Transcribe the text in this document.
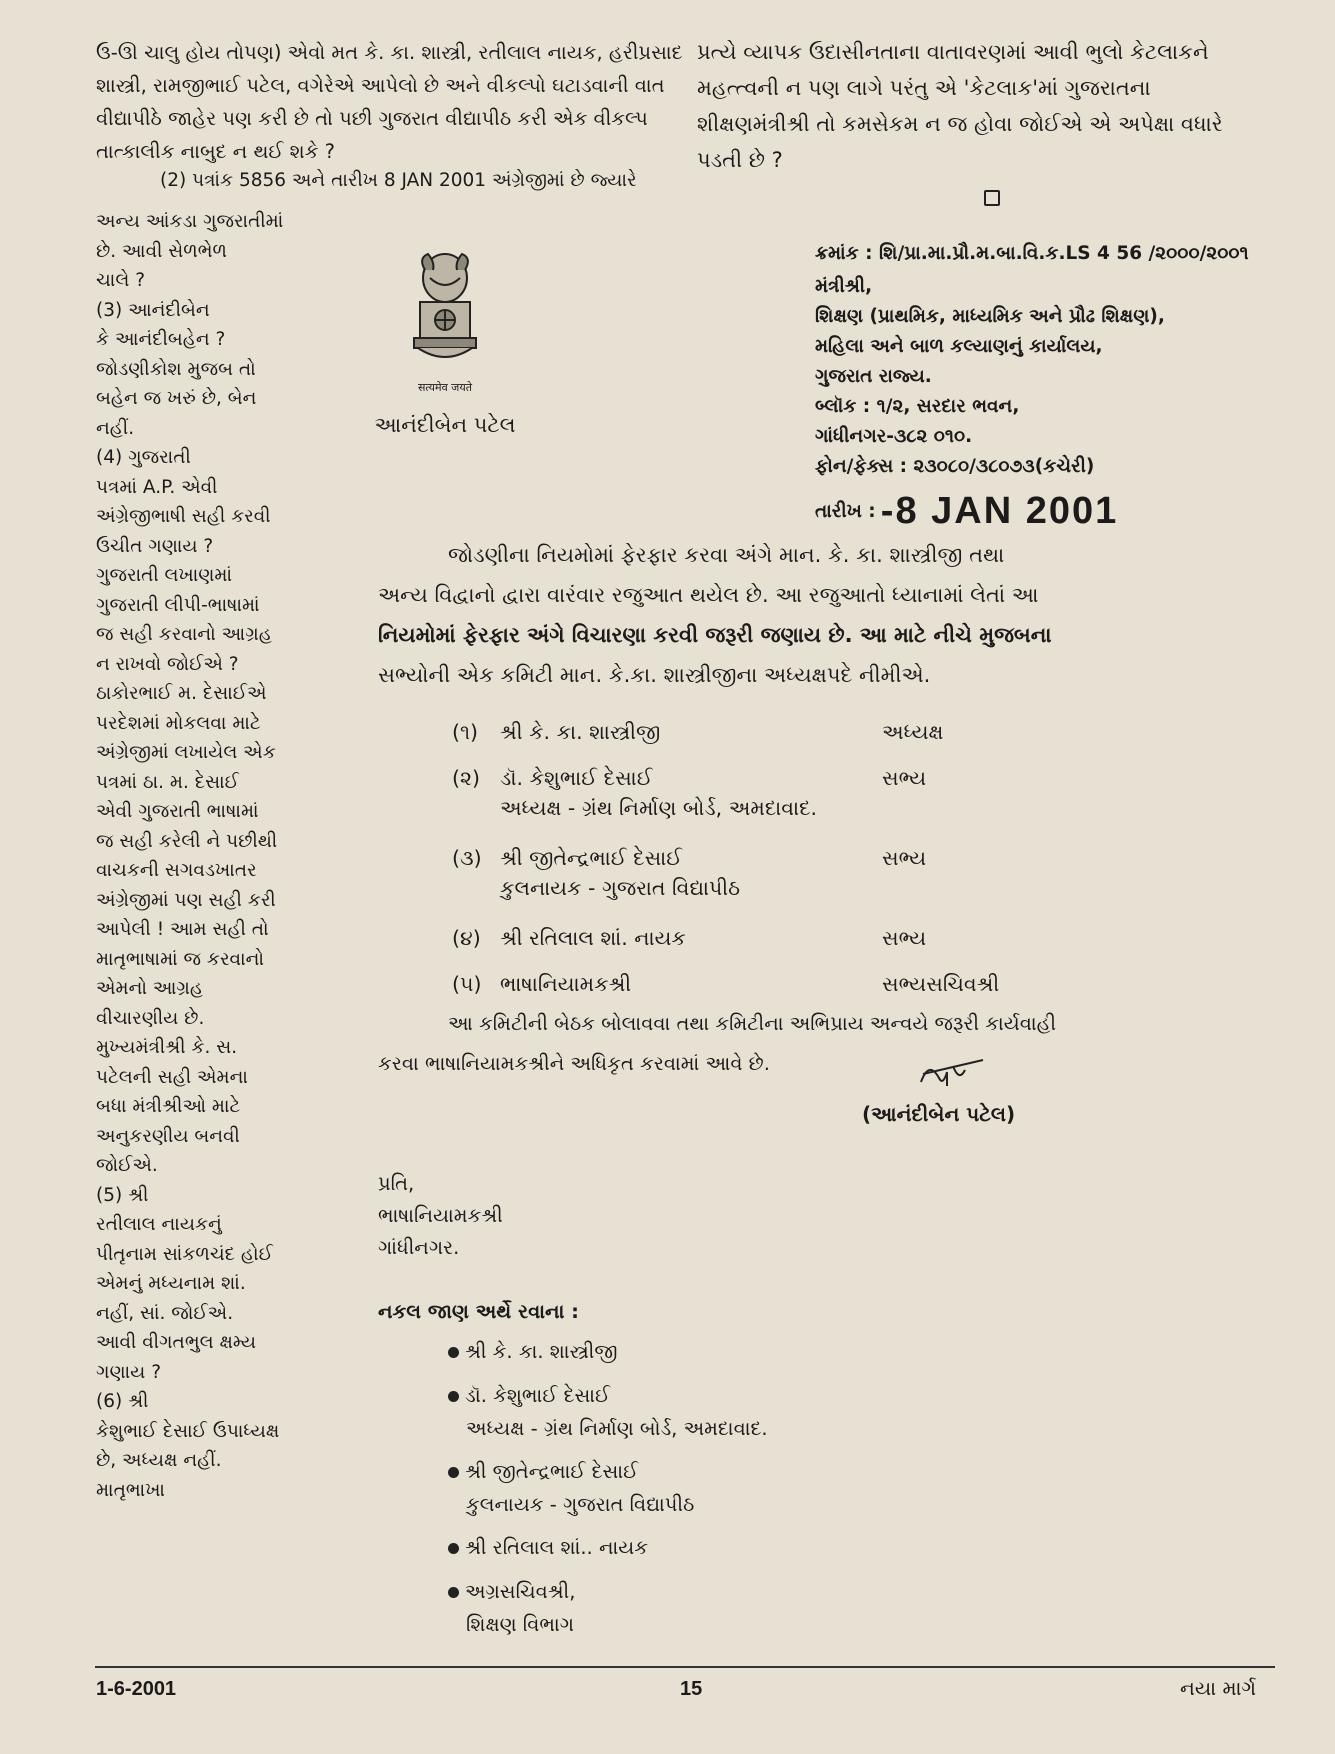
ઉ-ઊ ચાલુ હોય તોપણ) એવો મત કે. કા. શાસ્ત્રી, રતીલાલ નાયક, હરીપ્રસાદ

શાસ્ત્રી, રામજીભાઈ પટેલ, વગેરેએ આપેલો છે અને વીકલ્પો ઘટાડવાની વાત

વીદ્યાપીઠે જાહેર પણ કરી છે તો પછી ગુજરાત વીદ્યાપીઠ કરી એક વીકલ્પ

તાત્કાલીક નાબુદ ન થઈ શકે ?

(2) પત્રાંક 5856 અને તારીખ 8 JAN 2001 અંગ્રેજીમાં છે જ્યારે

પ્રત્યે વ્યાપક ઉદાસીનતાના વાતાવરણમાં આવી ભુલો કેટલાકને

મહત્ત્વની ન પણ લાગે પરંતુ એ 'કેટલાક'માં ગુજરાતના

શીક્ષણમંત્રીશ્રી તો કમસેકમ ન જ હોવા જોઈએ એ અપેક્ષા વધારે

પડતી છે ?

અન્ય આંકડા ગુજરાતીમાં

છે. આવી સેળભેળ

ચાલે ?

(3) આનંદીબેન

કે આનંદીબહેન ?

જોડણીકોશ મુજબ તો

બહેન જ ખરું છે, બેન

નહીં.

(4) ગુજરાતી

પત્રમાં A.P. એવી

અંગ્રેજીભાષી સહી કરવી

ઉચીત ગણાય ?

ગુજરાતી લખાણમાં

ગુજરાતી લીપી-ભાષામાં

જ સહી કરવાનો આગ્રહ

ન રાખવો જોઈએ ?

ઠાકોરભાઈ મ. દેસાઈએ

પરદેશમાં મોકલવા માટે

અંગ્રેજીમાં લખાયેલ એક

પત્રમાં ઠા. મ. દેસાઈ

એવી ગુજરાતી ભાષામાં

જ સહી કરેલી ને પછીથી

વાચકની સગવડખાતર

અંગ્રેજીમાં પણ સહી કરી

આપેલી ! આમ સહી તો

માતૃભાષામાં જ કરવાનો

એમનો આગ્રહ

વીચારણીય છે.

મુખ્યમંત્રીશ્રી કે. સ.

પટેલની સહી એમના

બધા મંત્રીશ્રીઓ માટે

અનુકરણીય બનવી

જોઈએ.

(5) શ્રી

રતીલાલ નાયકનું

પીતૃનામ સાંકળચંદ હોઈ

એમનું મધ્યનામ શાં.

નહીં, સાં. જોઈએ.

આવી વીગતભુલ ક્ષમ્ય

ગણાય ?

(6) શ્રી

કેશુભાઈ દેસાઈ ઉપાધ્યક્ષ

છે, અધ્યક્ષ નહીં.

માતૃભાખા

सत्यमेव जयते
આનંદીબેન પટેલ
ક્રમાંક : શિ/પ્રા.મા.પ્રૌ.મ.બા.વિ.ક.LS 4 56 /૨૦૦૦/૨૦૦૧

મંત્રીશ્રી,

શિક્ષણ (પ્રાથમિક, માધ્યમિક અને પ્રૌઢ શિક્ષણ),

મહિલા અને બાળ કલ્યાણનું કાર્યાલય,

ગુજરાત રાજ્ય.

બ્લૉક : ૧/૨, સરદાર ભવન,

ગાંધીનગર-૩૮૨ ૦૧૦.

ફોન/ફેક્સ : ૨૩૦૮૦/૩૮૦૭૩(કચેરી)

તારીખ : -8 JAN 2001

જોડણીના નિયમોમાં ફેરફાર કરવા અંગે માન. કે. કા. શાસ્ત્રીજી તથા

અન્ય વિદ્વાનો દ્વારા વારંવાર રજુઆત થયેલ છે. આ રજુઆતો ધ્યાનામાં લેતાં આ

નિયમોમાં ફેરફાર અંગે વિચારણા કરવી જરૂરી જણાય છે. આ માટે નીચે મુજબના

સભ્યોની એક કમિટી માન. કે.કા. શાસ્ત્રીજીના અધ્યક્ષપદે નીમીએ.

(૧) શ્રી કે. કા. શાસ્ત્રીજી	અધ્યક્ષ
(૨) ડૉ. કેશુભાઈ દેસાઈ	સભ્ય
અધ્યક્ષ - ગ્રંથ નિર્માણ બોર્ડ, અમદાવાદ.
(૩) શ્રી જીતેન્દ્રભાઈ દેસાઈ	સભ્ય
કુલનાયક - ગુજરાત વિદ્યાપીઠ
(૪) શ્રી રતિલાલ શાં. નાયક	સભ્ય
(૫) ભાષાનિયામકશ્રી	સભ્યસચિવશ્રી

આ કમિટીની બેઠક બોલાવવા તથા કમિટીના અભિપ્રાય અન્વયે જરૂરી કાર્યવાહી

કરવા ભાષાનિયામકશ્રીને અધિકૃત કરવામાં આવે છે.

(આનંદીબેન પટેલ)

પ્રતિ,

ભાષાનિયામકશ્રી

ગાંધીનગર.

નકલ જાણ અર્થે રવાના :
શ્રી કે. કા. શાસ્ત્રીજી
ડૉ. કેશુભાઈ દેસાઈ
અધ્યક્ષ - ગ્રંથ નિર્માણ બોર્ડ, અમદાવાદ.
શ્રી જીતેન્દ્રભાઈ દેસાઈ
કુલનાયક - ગુજરાત વિદ્યાપીઠ
શ્રી રતિલાલ શાં.. નાયક
અગ્રસચિવશ્રી,
શિક્ષણ વિભાગ
1-6-2001	15	નયા માર્ગ
